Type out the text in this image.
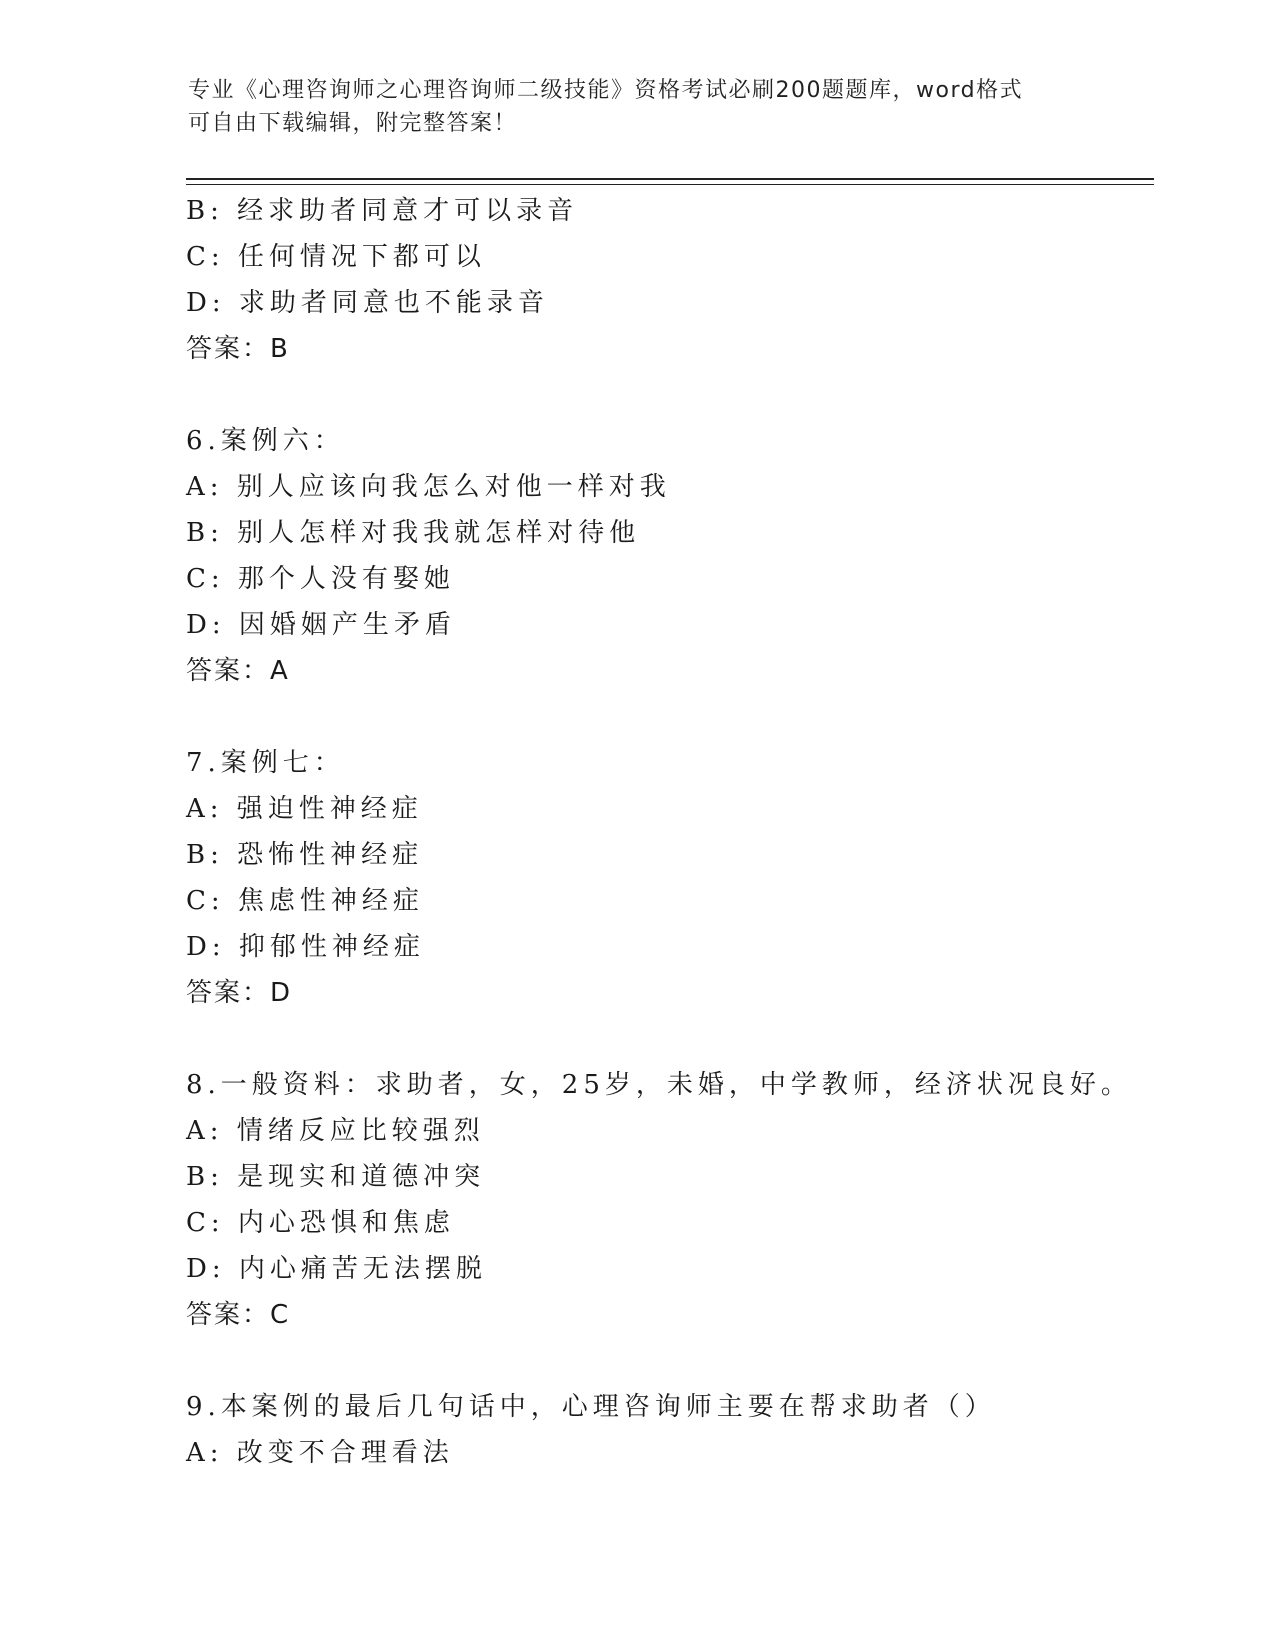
专业《心理咨询师之心理咨询师二级技能》资格考试必刷200题题库，word格式
可自由下载编辑，附完整答案！
B: 经求助者同意才可以录音
C: 任何情况下都可以
D: 求助者同意也不能录音
答案：B
6.案例六：
A: 别人应该向我怎么对他一样对我
B: 别人怎样对我我就怎样对待他
C: 那个人没有娶她
D: 因婚姻产生矛盾
答案：A
7.案例七：
A: 强迫性神经症
B: 恐怖性神经症
C: 焦虑性神经症
D: 抑郁性神经症
答案：D
8.一般资料：求助者，女，25岁，未婚，中学教师，经济状况良好。
A: 情绪反应比较强烈
B: 是现实和道德冲突
C: 内心恐惧和焦虑
D: 内心痛苦无法摆脱
答案：C
9.本案例的最后几句话中，心理咨询师主要在帮求助者（）
A: 改变不合理看法
